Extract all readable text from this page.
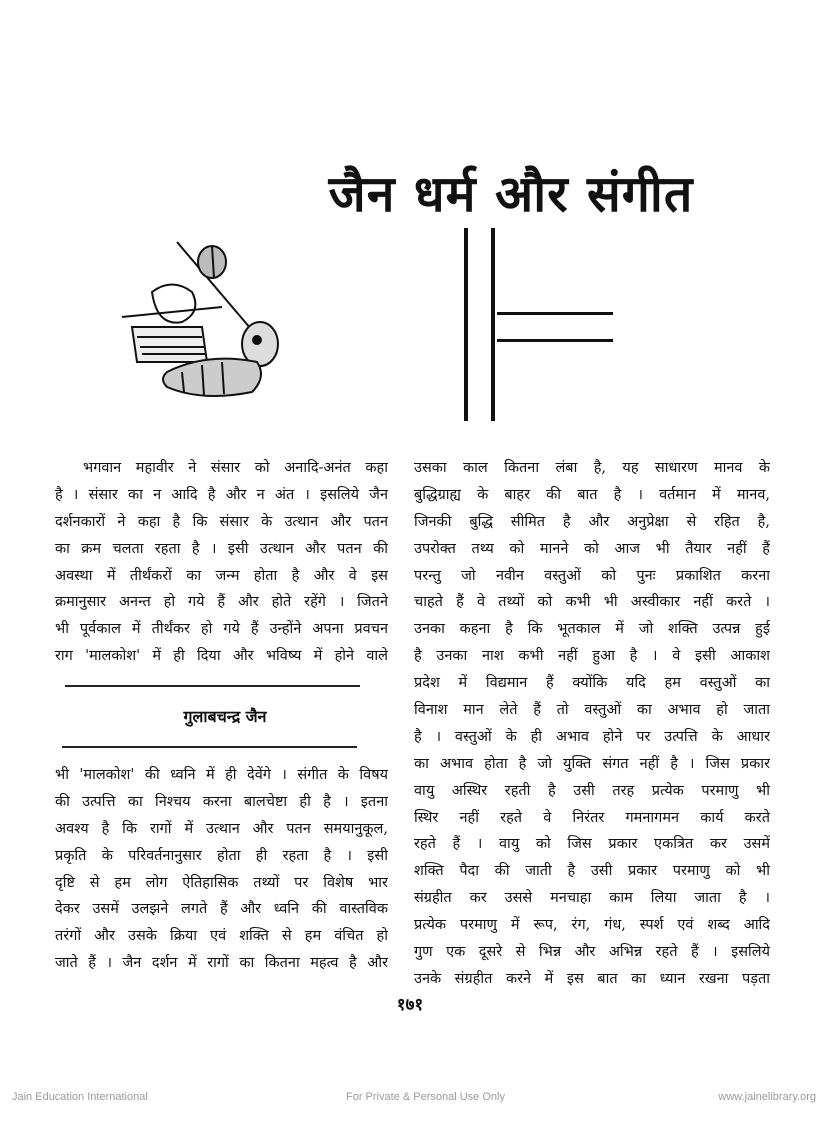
जैन धर्म और संगीत
भगवान महावीर ने संसार को अनादि-अनंत कहा
है । संसार का न आदि है और न अंत । इसलिये जैन
दर्शनकारों ने कहा है कि संसार के उत्थान और पतन
का क्रम चलता रहता है । इसी उत्थान और पतन की
अवस्था में तीर्थंकरों का जन्म होता है और वे इस
क्रमानुसार अनन्त हो गये हैं और होते रहेंगे । जितने
भी पूर्वकाल में तीर्थंकर हो गये हैं उन्होंने अपना प्रवचन
राग 'मालकोश' में ही दिया और भविष्य में होने वाले
गुलाबचन्द्र जैन
भी 'मालकोश' की ध्वनि में ही देवेंगे । संगीत के विषय
की उत्पत्ति का निश्चय करना बालचेष्टा ही है । इतना
अवश्य है कि रागों में उत्थान और पतन समयानुकूल,
प्रकृति के परिवर्तनानुसार होता ही रहता है । इसी
दृष्टि से हम लोग ऐतिहासिक तथ्यों पर विशेष भार
देकर उसमें उलझने लगते हैं और ध्वनि की वास्तविक
तरंगों और उसके क्रिया एवं शक्ति से हम वंचित हो
जाते हैं । जैन दर्शन में रागों का कितना महत्व है और
उसका काल कितना लंबा है, यह साधारण मानव के
बुद्धिग्राह्य के बाहर की बात है । वर्तमान में मानव,
जिनकी बुद्धि सीमित है और अनुप्रेक्षा से रहित है,
उपरोक्त तथ्य को मानने को आज भी तैयार नहीं हैं
परन्तु जो नवीन वस्तुओं को पुनः प्रकाशित करना
चाहते हैं वे तथ्यों को कभी भी अस्वीकार नहीं करते ।
उनका कहना है कि भूतकाल में जो शक्ति उत्पन्न हुई
है उनका नाश कभी नहीं हुआ है । वे इसी आकाश
प्रदेश में विद्यमान हैं क्योंकि यदि हम वस्तुओं का
विनाश मान लेते हैं तो वस्तुओं का अभाव हो जाता
है । वस्तुओं के ही अभाव होने पर उत्पत्ति के आधार
का अभाव होता है जो युक्ति संगत नहीं है । जिस प्रकार
वायु अस्थिर रहती है उसी तरह प्रत्येक परमाणु भी
स्थिर नहीं रहते वे निरंतर गमनागमन कार्य करते
रहते हैं । वायु को जिस प्रकार एकत्रित कर उसमें
शक्ति पैदा की जाती है उसी प्रकार परमाणु को भी
संग्रहीत कर उससे मनचाहा काम लिया जाता है ।
प्रत्येक परमाणु में रूप, रंग, गंध, स्पर्श एवं शब्द आदि
गुण एक दूसरे से भिन्न और अभिन्न रहते हैं । इसलिये
उनके संग्रहीत करने में इस बात का ध्यान रखना पड़ता
१७१
Jain Education International	For Private & Personal Use Only	www.jainelibrary.org
